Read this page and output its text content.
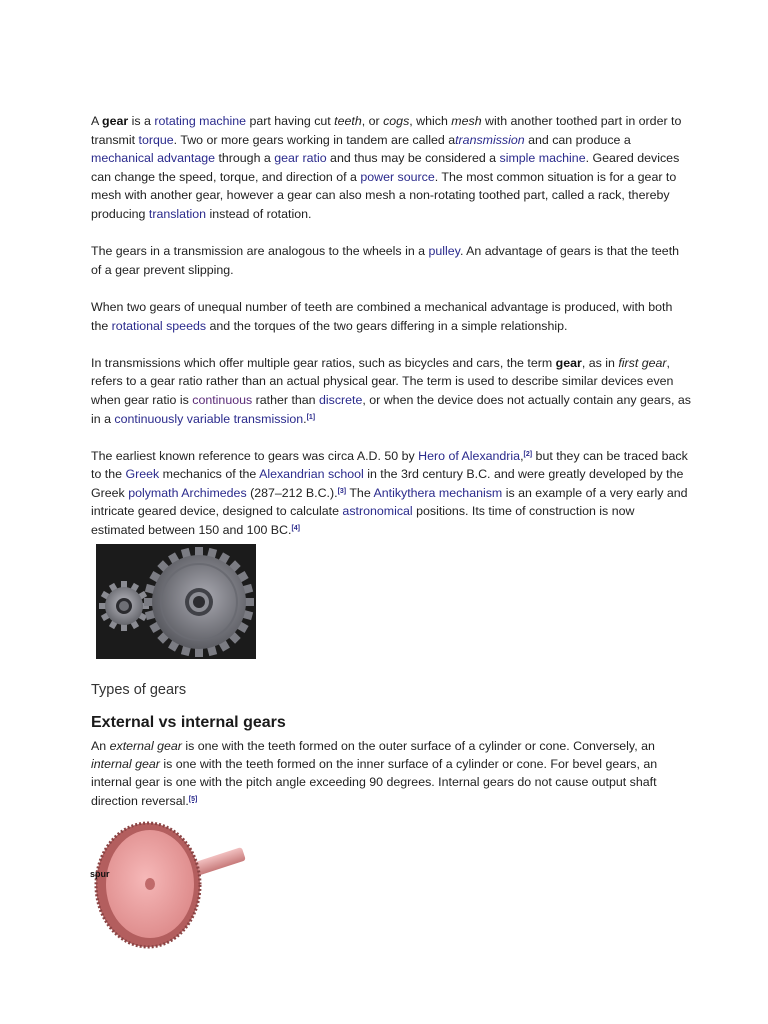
A gear is a rotating machine part having cut teeth, or cogs, which mesh with another toothed part in order to transmit torque. Two or more gears working in tandem are called atransmission and can produce a mechanical advantage through a gear ratio and thus may be considered a simple machine. Geared devices can change the speed, torque, and direction of a power source. The most common situation is for a gear to mesh with another gear, however a gear can also mesh a non-rotating toothed part, called a rack, thereby producing translation instead of rotation.

The gears in a transmission are analogous to the wheels in a pulley. An advantage of gears is that the teeth of a gear prevent slipping.

When two gears of unequal number of teeth are combined a mechanical advantage is produced, with both the rotational speeds and the torques of the two gears differing in a simple relationship.

In transmissions which offer multiple gear ratios, such as bicycles and cars, the term gear, as in first gear, refers to a gear ratio rather than an actual physical gear. The term is used to describe similar devices even when gear ratio is continuous rather than discrete, or when the device does not actually contain any gears, as in a continuously variable transmission.[1]

The earliest known reference to gears was circa A.D. 50 by Hero of Alexandria,[2] but they can be traced back to the Greek mechanics of the Alexandrian school in the 3rd century B.C. and were greatly developed by the Greek polymath Archimedes (287–212 B.C.).[3] The Antikythera mechanism is an example of a very early and intricate geared device, designed to calculate astronomical positions. Its time of construction is now estimated between 150 and 100 BC.[4]

Types of gears
External vs internal gears

An external gear is one with the teeth formed on the outer surface of a cylinder or cone. Conversely, an internal gear is one with the teeth formed on the inner surface of a cylinder or cone. For bevel gears, an internal gear is one with the pitch angle exceeding 90 degrees. Internal gears do not cause output shaft direction reversal.[5]

spur
